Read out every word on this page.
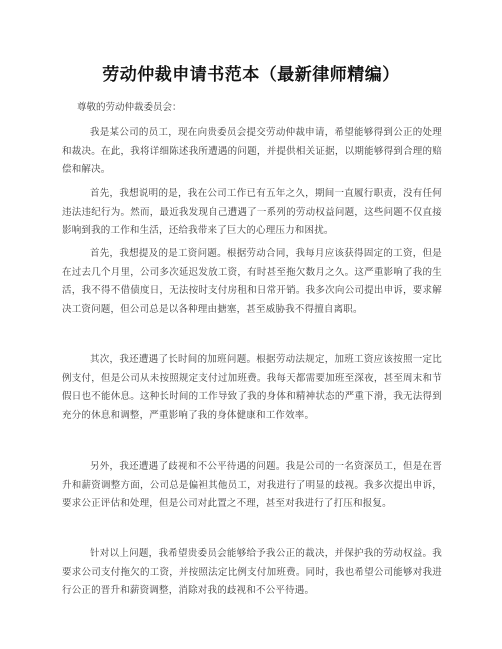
劳动仲裁申请书范本（最新律师精编）

尊敬的劳动仲裁委员会：

我是某公司的员工，现在向贵委员会提交劳动仲裁申请，希望能够得到公正的处理和裁决。在此，我将详细陈述我所遭遇的问题，并提供相关证据，以期能够得到合理的赔偿和解决。

首先，我想说明的是，我在公司工作已有五年之久，期间一直履行职责，没有任何违法违纪行为。然而，最近我发现自己遭遇了一系列的劳动权益问题，这些问题不仅直接影响到我的工作和生活，还给我带来了巨大的心理压力和困扰。

首先，我想提及的是工资问题。根据劳动合同，我每月应该获得固定的工资，但是在过去几个月里，公司多次延迟发放工资，有时甚至拖欠数月之久。这严重影响了我的生活，我不得不借债度日，无法按时支付房租和日常开销。我多次向公司提出申诉，要求解决工资问题，但公司总是以各种理由搪塞，甚至威胁我不得擅自离职。

其次，我还遭遇了长时间的加班问题。根据劳动法规定，加班工资应该按照一定比例支付，但是公司从未按照规定支付过加班费。我每天都需要加班至深夜，甚至周末和节假日也不能休息。这种长时间的工作导致了我的身体和精神状态的严重下滑，我无法得到充分的休息和调整，严重影响了我的身体健康和工作效率。

另外，我还遭遇了歧视和不公平待遇的问题。我是公司的一名资深员工，但是在晋升和薪资调整方面，公司总是偏袒其他员工，对我进行了明显的歧视。我多次提出申诉，要求公正评估和处理，但是公司对此置之不理，甚至对我进行了打压和报复。

针对以上问题，我希望贵委员会能够给予我公正的裁决，并保护我的劳动权益。我要求公司支付拖欠的工资，并按照法定比例支付加班费。同时，我也希望公司能够对我进行公正的晋升和薪资调整，消除对我的歧视和不公平待遇。
